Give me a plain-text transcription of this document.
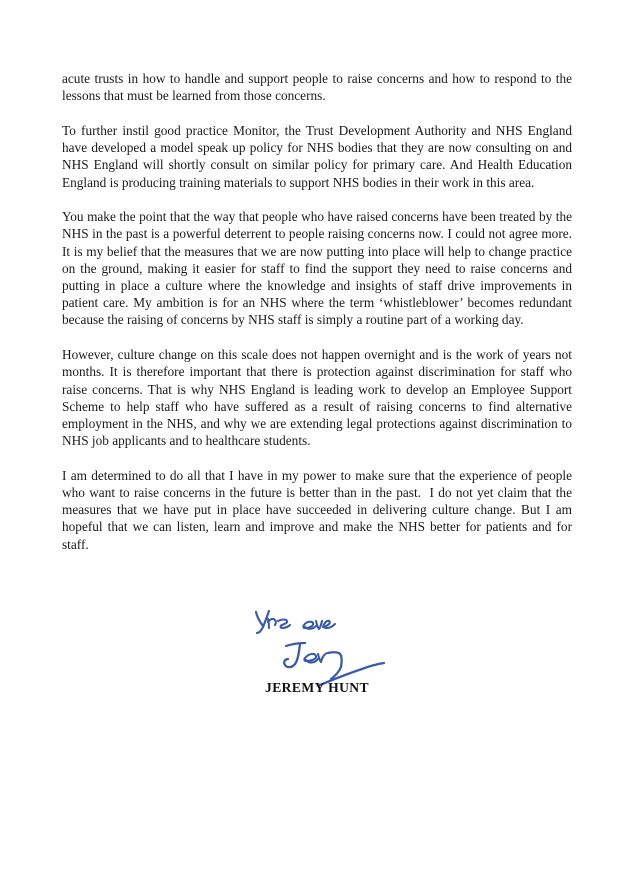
acute trusts in how to handle and support people to raise concerns and how to respond to the lessons that must be learned from those concerns.

To further instil good practice Monitor, the Trust Development Authority and NHS England have developed a model speak up policy for NHS bodies that they are now consulting on and NHS England will shortly consult on similar policy for primary care. And Health Education England is producing training materials to support NHS bodies in their work in this area.

You make the point that the way that people who have raised concerns have been treated by the NHS in the past is a powerful deterrent to people raising concerns now. I could not agree more. It is my belief that the measures that we are now putting into place will help to change practice on the ground, making it easier for staff to find the support they need to raise concerns and putting in place a culture where the knowledge and insights of staff drive improvements in patient care. My ambition is for an NHS where the term ‘whistleblower’ becomes redundant because the raising of concerns by NHS staff is simply a routine part of a working day.

However, culture change on this scale does not happen overnight and is the work of years not months. It is therefore important that there is protection against discrimination for staff who raise concerns. That is why NHS England is leading work to develop an Employee Support Scheme to help staff who have suffered as a result of raising concerns to find alternative employment in the NHS, and why we are extending legal protections against discrimination to NHS job applicants and to healthcare students.

I am determined to do all that I have in my power to make sure that the experience of people who want to raise concerns in the future is better than in the past.  I do not yet claim that the measures that we have put in place have succeeded in delivering culture change. But I am hopeful that we can listen, learn and improve and make the NHS better for patients and for staff.

JEREMY HUNT
